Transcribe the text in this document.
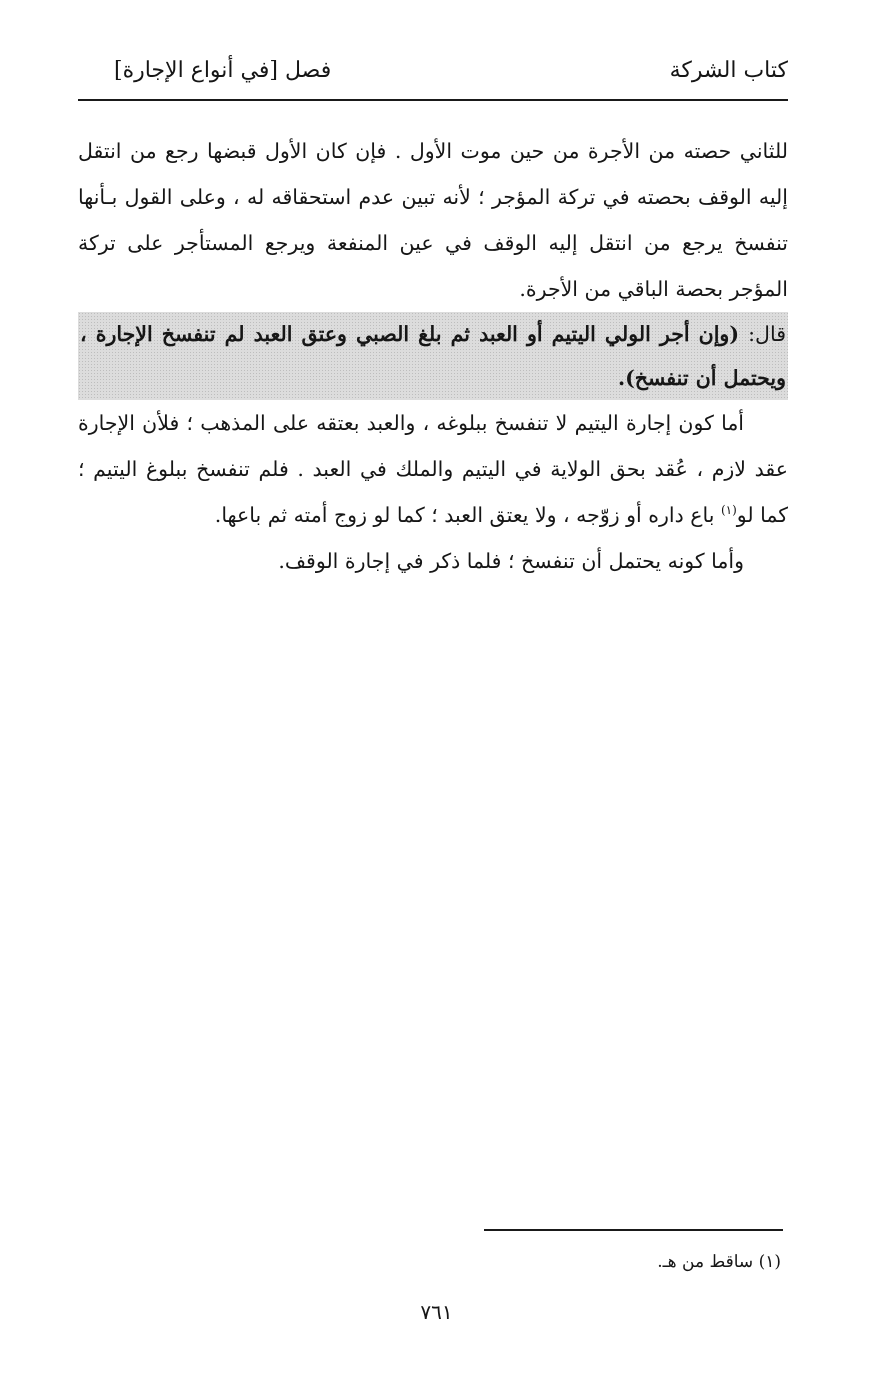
كتاب الشركة
فصل [في أنواع الإجارة]

للثاني حصته من الأجرة من حين موت الأول . فإن كان الأول قبضها رجع من انتقل إليه الوقف بحصته في تركة المؤجر ؛ لأنه تبين عدم استحقاقه له ، وعلى القول بـأنها تنفسخ يرجع من انتقل إليه الوقف في عين المنفعة ويرجع المستأجر على تركة المؤجر بحصة الباقي من الأجرة.

قال: (وإن أجر الولي اليتيم أو العبد ثم بلغ الصبي وعتق العبد لم تنفسخ الإجارة ، ويحتمل أن تنفسخ).

أما كون إجارة اليتيم لا تنفسخ ببلوغه ، والعبد بعتقه على المذهب ؛ فلأن الإجارة عقد لازم ، عُقد بحق الولاية في اليتيم والملك في العبد . فلم تنفسخ ببلوغ اليتيم ؛ كما لو$^{(١)}$ باع داره أو زوّجه ، ولا يعتق العبد ؛ كما لو زوج أمته ثم باعها.

وأما كونه يحتمل أن تنفسخ ؛ فلما ذكر في إجارة الوقف.

(١) ساقط من هـ.
٧٦١
